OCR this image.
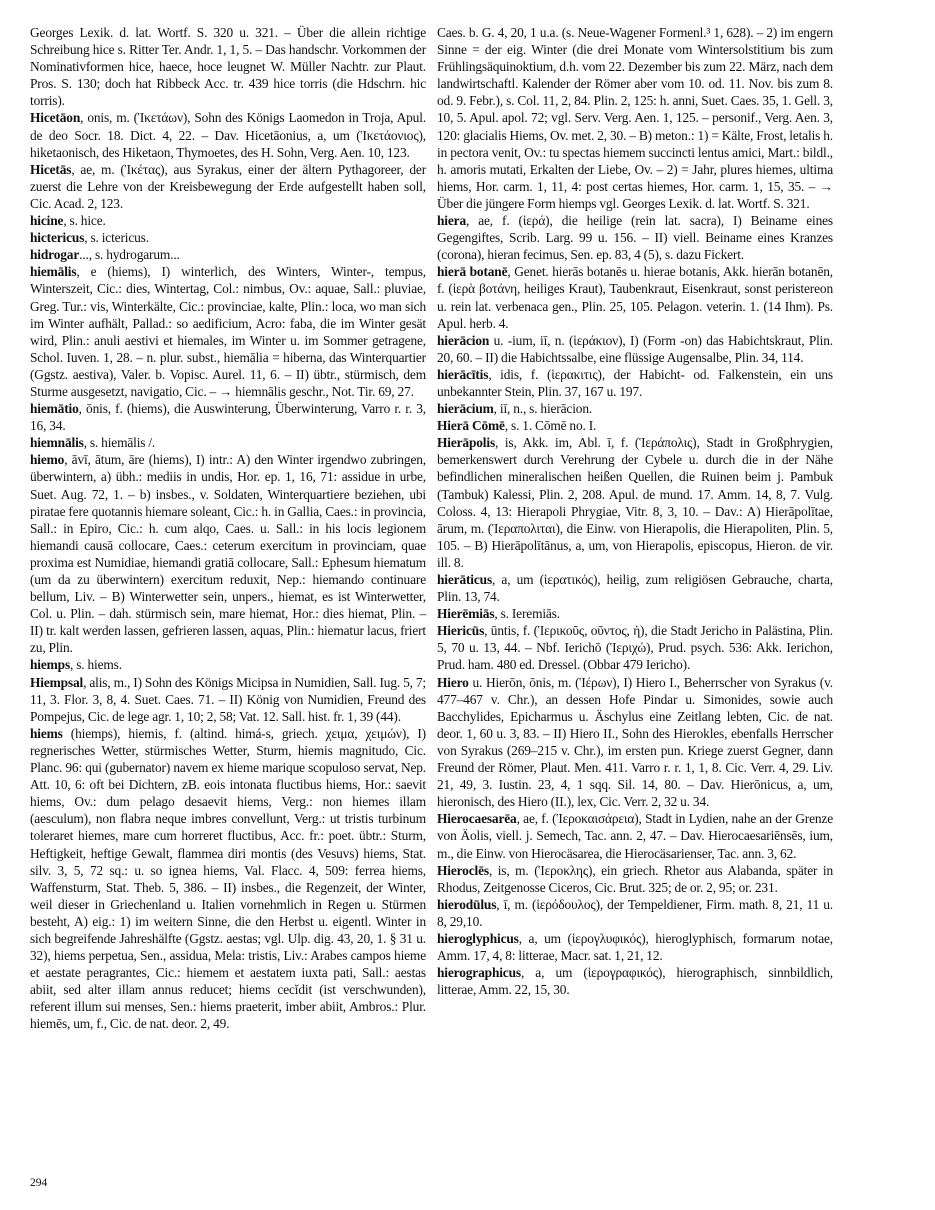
Georges Lexik. d. lat. Wortf. S. 320 u. 321. – Über die allein richtige Schreibung hice s. Ritter Ter. Andr. 1, 1, 5. – Das handschr. Vorkommen der Nominativformen hice, haece, hoce leugnet W. Müller Nachtr. zur Plaut. Pros. S. 130; doch hat Ribbeck Acc. tr. 439 hice torris (die Hdschrn. hic torris).

Hicetāon, onis, m. (Ἱκετάων), Sohn des Königs Laomedon in Troja, Apul. de deo Socr. 18. Dict. 4, 22. – Dav. Hicetāonius, a, um (Ἱκετάονιος), hiketaonisch, des Hiketaon, Thymoetes, des H. Sohn, Verg. Aen. 10, 123.

Hicetās, ae, m. (Ἱκέτας), aus Syrakus, einer der ältern Pythagoreer, der zuerst die Lehre von der Kreisbewegung der Erde aufgestellt haben soll, Cic. Acad. 2, 123.

hicine, s. hice.

hictericus, s. ictericus.

hidrogar..., s. hydrogarum...

hiemālis, e (hiems), I) winterlich, des Winters, Winter-, tempus, Winterszeit, Cic.: dies, Wintertag, Col.: nimbus, Ov.: aquae, Sall.: pluviae, Greg. Tur.: vis, Winterkälte, Cic.: provinciae, kalte, Plin.: loca, wo man sich im Winter aufhält, Pallad.: so aedificium, Acro: faba, die im Winter gesät wird, Plin.: anuli aestivi et hiemales, im Winter u. im Sommer getragene, Schol. Iuven. 1, 28. – n. plur. subst., hiemālia = hiberna, das Winterquartier (Ggstz. aestiva), Valer. b. Vopisc. Aurel. 11, 6. – II) übtr., stürmisch, dem Sturme ausgesetzt, navigatio, Cic. – → hiemnālis geschr., Not. Tir. 69, 27.

hiemātio, ōnis, f. (hiems), die Auswinterung, Überwinterung, Varro r. r. 3, 16, 34.

hiemnālis, s. hiemālis /.

hiemo, āvī, ātum, āre (hiems), I) intr.: A) den Winter irgendwo zubringen, überwintern, a) übh.: mediis in undis, Hor. ep. 1, 16, 71: assidue in urbe, Suet. Aug. 72, 1. – b) insbes., v. Soldaten, Winterquartiere beziehen, ubi piratae fere quotannis hiemare soleant, Cic.: h. in Gallia, Caes.: in provincia, Sall.: in Epiro, Cic.: h. cum alqo, Caes. u. Sall.: in his locis legionem hiemandi causā collocare, Caes.: ceterum exercitum in provinciam, quae proxima est Numidiae, hiemandi gratiā collocare, Sall.: Ephesum hiematum (um da zu überwintern) exercitum reduxit, Nep.: hiemando continuare bellum, Liv. – B) Winterwetter sein, unpers., hiemat, es ist Winterwetter, Col. u. Plin. – dah. stürmisch sein, mare hiemat, Hor.: dies hiemat, Plin. – II) tr. kalt werden lassen, gefrieren lassen, aquas, Plin.: hiematur lacus, friert zu, Plin.

hiemps, s. hiems.

Hiempsal, alis, m., I) Sohn des Königs Micipsa in Numidien, Sall. Iug. 5, 7; 11, 3. Flor. 3, 8, 4. Suet. Caes. 71. – II) König von Numidien, Freund des Pompejus, Cic. de lege agr. 1, 10; 2, 58; Vat. 12. Sall. hist. fr. 1, 39 (44).

hiems (hiemps), hiemis, f. (altind. himá-s, griech. χειμα, χειμών), I) regnerisches Wetter, stürmisches Wetter, Sturm, hiemis magnitudo, Cic. Planc. 96: qui (gubernator) navem ex hieme marique scopuloso servat, Nep. Att. 10, 6: oft bei Dichtern, zB. eois intonata fluctibus hiems, Hor.: saevit hiems, Ov.: dum pelago desaevit hiems, Verg.: non hiemes illam (aesculum), non flabra neque imbres convellunt, Verg.: ut tristis turbinum toleraret hiemes, mare cum horreret fluctibus, Acc. fr.: poet. übtr.: Sturm, Heftigkeit, heftige Gewalt, flammea diri montis (des Vesuvs) hiems, Stat. silv. 3, 5, 72 sq.: u. so ignea hiems, Val. Flacc. 4, 509: ferrea hiems, Waffensturm, Stat. Theb. 5, 386. – II) insbes., die Regenzeit, der Winter, weil dieser in Griechenland u. Italien vornehmlich in Regen u. Stürmen besteht, A) eig.: 1) im weitern Sinne, die den Herbst u. eigentl. Winter in sich begreifende Jahreshälfte (Ggstz. aestas; vgl. Ulp. dig. 43, 20, 1. § 31 u. 32), hiems perpetua, Sen., assidua, Mela: tristis, Liv.: Arabes campos hieme et aestate peragrantes, Cic.: hiemem et aestatem iuxta pati, Sall.: aestas abiit, sed alter illam annus reducet; hiems cecĭdit (ist verschwunden), referent illum sui menses, Sen.: hiems praeterit, imber abiit, Ambros.: Plur. hiemēs, um, f., Cic. de nat. deor. 2, 49.

Caes. b. G. 4, 20, 1 u.a. (s. Neue-Wagener Formenl.³ 1, 628). – 2) im engern Sinne = der eig. Winter (die drei Monate vom Wintersolstitium bis zum Frühlingsäquinoktium, d.h. vom 22. Dezember bis zum 22. März, nach dem landwirtschaftl. Kalender der Römer aber vom 10. od. 11. Nov. bis zum 8. od. 9. Febr.), s. Col. 11, 2, 84. Plin. 2, 125: h. anni, Suet. Caes. 35, 1. Gell. 3, 10, 5. Apul. apol. 72; vgl. Serv. Verg. Aen. 1, 125. – personif., Verg. Aen. 3, 120: glacialis Hiems, Ov. met. 2, 30. – B) meton.: 1) = Kälte, Frost, letalis h. in pectora venit, Ov.: tu spectas hiemem succincti lentus amici, Mart.: bildl., h. amoris mutati, Erkalten der Liebe, Ov. – 2) = Jahr, plures hiemes, ultima hiems, Hor. carm. 1, 11, 4: post certas hiemes, Hor. carm. 1, 15, 35. – → Über die jüngere Form hiemps vgl. Georges Lexik. d. lat. Wortf. S. 321.

hiera, ae, f. (ἱερά), die heilige (rein lat. sacra), I) Beiname eines Gegengiftes, Scrib. Larg. 99 u. 156. – II) viell. Beiname eines Kranzes (corona), hieran fecimus, Sen. ep. 83, 4 (5), s. dazu Fickert.

hierā botanē, Genet. hierās botanēs u. hierae botanis, Akk. hierān botanēn, f. (ἱερὰ βοτάνη, heiliges Kraut), Taubenkraut, Eisenkraut, sonst peristereon u. rein lat. verbenaca gen., Plin. 25, 105. Pelagon. veterin. 1. (14 Ihm). Ps. Apul. herb. 4.

hierācion u. -ium, iī, n. (ἱεράκιον), I) (Form -on) das Habichtskraut, Plin. 20, 60. – II) die Habichtssalbe, eine flüssige Augensalbe, Plin. 34, 114.

hierācītis, idis, f. (ἱερακιτις), der Habicht- od. Falkenstein, ein uns unbekannter Stein, Plin. 37, 167 u. 197.

hierācium, iī, n., s. hierācion.

Hierā Cōmē, s. 1. Cōmē no. I.

Hierāpolis, is, Akk. im, Abl. ī, f. (Ἱεράπολις), Stadt in Großphrygien, bemerkenswert durch Verehrung der Cybele u. durch die in der Nähe befindlichen mineralischen heißen Quellen, die Ruinen beim j. Pambuk (Tambuk) Kalessi, Plin. 2, 208. Apul. de mund. 17. Amm. 14, 8, 7. Vulg. Coloss. 4, 13: Hierapoli Phrygiae, Vitr. 8, 3, 10. – Dav.: A) Hierāpolītae, ārum, m. (Ἱεραπολιται), die Einw. von Hierapolis, die Hierapoliten, Plin. 5, 105. – B) Hierāpolītānus, a, um, von Hierapolis, episcopus, Hieron. de vir. ill. 8.

hierāticus, a, um (ἱερατικός), heilig, zum religiösen Gebrauche, charta, Plin. 13, 74.

Hierēmiās, s. Ieremiās.

Hiericūs, ūntis, f. (Ἱερικοῦς, οῦντος, ἡ), die Stadt Jericho in Palästina, Plin. 5, 70 u. 13, 44. – Nbf. Ierichō (Ἱεριχώ), Prud. psych. 536: Akk. Ierichon, Prud. ham. 480 ed. Dressel. (Obbar 479 Iericho).

Hiero u. Hierōn, ōnis, m. (Ἱέρων), I) Hiero I., Beherrscher von Syrakus (v. 477–467 v. Chr.), an dessen Hofe Pindar u. Simonides, sowie auch Bacchylides, Epicharmus u. Äschylus eine Zeitlang lebten, Cic. de nat. deor. 1, 60 u. 3, 83. – II) Hiero II., Sohn des Hierokles, ebenfalls Herrscher von Syrakus (269–215 v. Chr.), im ersten pun. Kriege zuerst Gegner, dann Freund der Römer, Plaut. Men. 411. Varro r. r. 1, 1, 8. Cic. Verr. 4, 29. Liv. 21, 49, 3. Iustin. 23, 4, 1 sqq. Sil. 14, 80. – Dav. Hierōnicus, a, um, hieronisch, des Hiero (II.), lex, Cic. Verr. 2, 32 u. 34.

Hierocaesarēa, ae, f. (Ἱεροκαισάρεια), Stadt in Lydien, nahe an der Grenze von Äolis, viell. j. Semech, Tac. ann. 2, 47. – Dav. Hierocaesariēnsēs, ium, m., die Einw. von Hierocäsarea, die Hierocäsarienser, Tac. ann. 3, 62.

Hieroclēs, is, m. (Ἱεροκλης), ein griech. Rhetor aus Alabanda, später in Rhodus, Zeitgenosse Ciceros, Cic. Brut. 325; de or. 2, 95; or. 231.

hierodūlus, ī, m. (ἱερόδουλος), der Tempeldiener, Firm. math. 8, 21, 11 u. 8, 29,10.

hieroglyphicus, a, um (ἱερογλυφικός), hieroglyphisch, formarum notae, Amm. 17, 4, 8: litterae, Macr. sat. 1, 21, 12.

hierographicus, a, um (ἱερογραφικός), hierographisch, sinnbildlich, litterae, Amm. 22, 15, 30.

294
